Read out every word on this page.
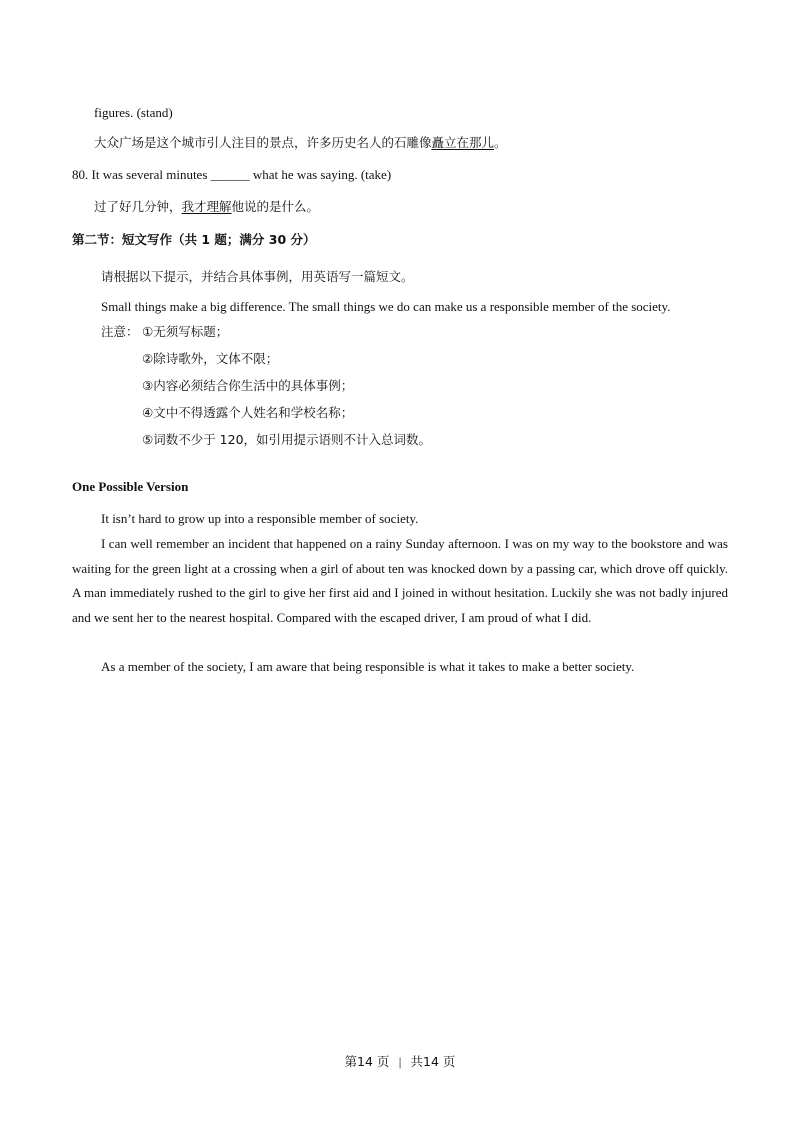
figures. (stand)
大众广场是这个城市引人注目的景点，许多历史名人的石雕像矗立在那儿。
80. It was several minutes ______ what he was saying. (take)
过了好几分钟，我才理解他说的是什么。
第二节：短文写作（共 1 题；满分 30 分）
请根据以下提示，并结合具体事例，用英语写一篇短文。
Small things make a big difference. The small things we do can make us a responsible member of the society.
注意： ①无须写标题；
②除诗歌外，文体不限；
③内容必须结合你生活中的具体事例；
④文中不得透露个人姓名和学校名称；
⑤词数不少于 120，如引用提示语则不计入总词数。
One Possible Version
It isn’t hard to grow up into a responsible member of society.
I can well remember an incident that happened on a rainy Sunday afternoon. I was on my way to the bookstore and was waiting for the green light at a crossing when a girl of about ten was knocked down by a passing car, which drove off quickly. A man immediately rushed to the girl to give her first aid and I joined in without hesitation. Luckily she was not badly injured and we sent her to the nearest hospital. Compared with the escaped driver, I am proud of what I did.
As a member of the society, I am aware that being responsible is what it takes to make a better society.
第14 页 | 共14 页
